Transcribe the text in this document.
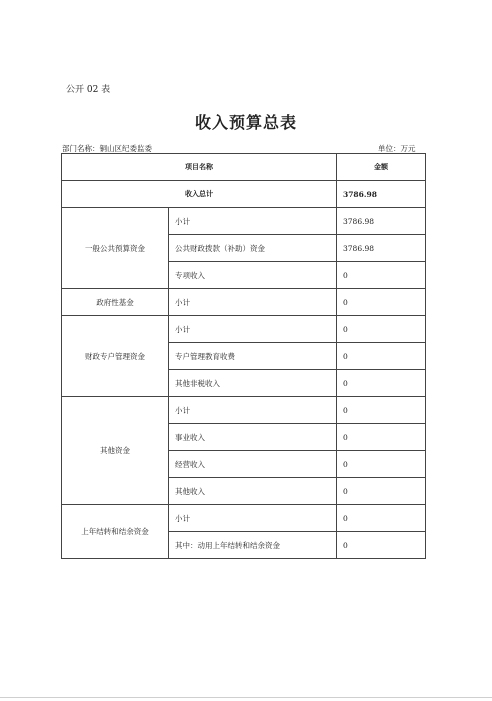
公开 02 表
收入预算总表
部门名称：铜山区纪委监委	单位：万元
项目名称		金额
收入总计		3786.98
一般公共预算资金	小计	3786.98
	公共财政拨款（补助）资金	3786.98
	专项收入	0
政府性基金	小计	0
财政专户管理资金	小计	0
	专户管理教育收费	0
	其他非税收入	0
其他资金	小计	0
	事业收入	0
	经营收入	0
	其他收入	0
上年结转和结余资金	小计	0
	其中：动用上年结转和结余资金	0
